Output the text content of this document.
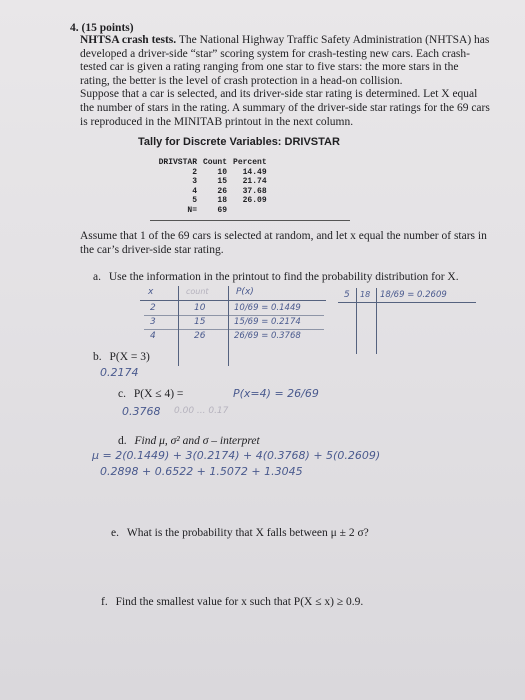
4. (15 points)
NHTSA crash tests. The National Highway Traffic Safety Administration (NHTSA) has developed a driver-side “star” scoring system for crash-testing new cars. Each crash-tested car is given a rating ranging from one star to five stars: the more stars in the rating, the better is the level of crash protection in a head-on collision.
Suppose that a car is selected, and its driver-side star rating is determined. Let X equal the number of stars in the rating. A summary of the driver-side star ratings for the 69 cars is reproduced in the MINITAB printout in the next column.
Tally for Discrete Variables: DRIVSTAR
DRIVSTAR	Count	Percent
2	10	14.49
3	15	21.74
4	26	37.68
5	18	26.09
N=	69	
Assume that 1 of the 69 cars is selected at random, and let x equal the number of stars in the car’s driver-side star rating.
a. Use the information in the printout to find the probability distribution for X.
x	count	P(x)
2	10	10/69 = 0.1449
3	15	15/69 = 0.2174
4	26	26/69 = 0.3768
5 18 18/69 = 0.2609
b. P(X = 3)
0.2174
c. P(X ≤ 4) =	P(x=4) = 26/69
0.3768 0.00 ... 0.17
d. Find μ, σ² and σ – interpret
μ = 2(0.1449) + 3(0.2174) + 4(0.3768) + 5(0.2609)
0.2898 + 0.6522 + 1.5072 + 1.3045
e. What is the probability that X falls between μ ± 2 σ?
f. Find the smallest value for x such that P(X ≤ x) ≥ 0.9.
